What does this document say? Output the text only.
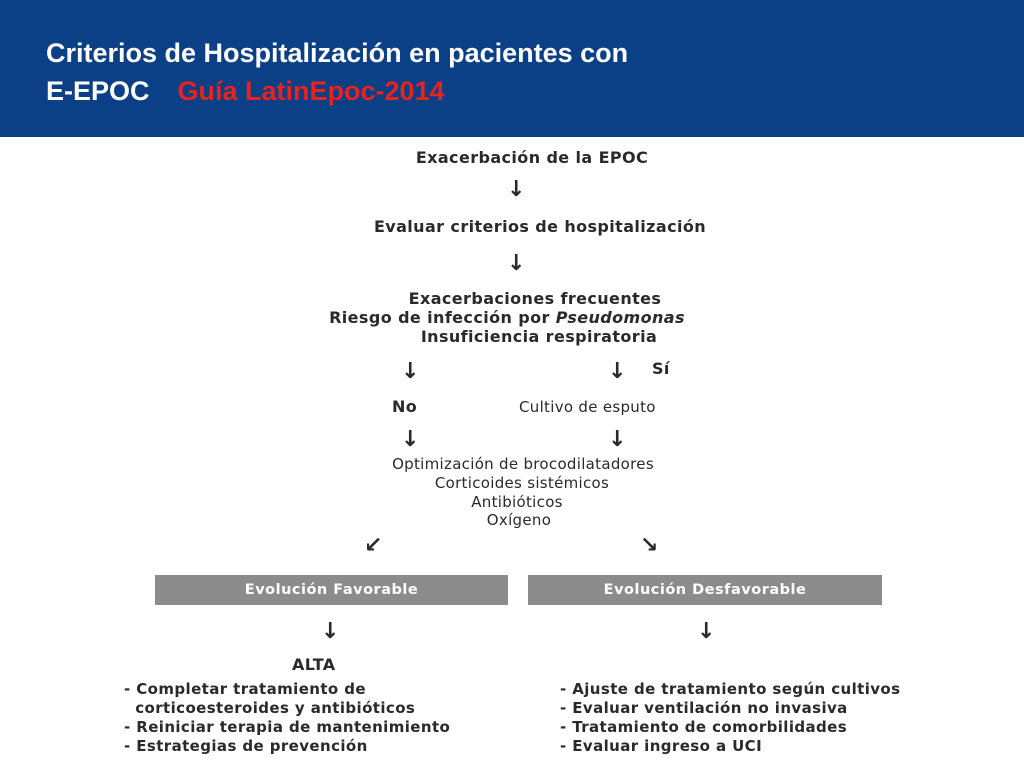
Criterios de Hospitalización en pacientes con
E-EPOC Guía LatinEpoc-2014
Exacerbación de la EPOC
↓
Evaluar criterios de hospitalización
↓
Exacerbaciones frecuentes
Riesgo de infección por Pseudomonas
Insuficiencia respiratoria
↓	↓ Sí
No	Cultivo de esputo
↓	↓
Optimización de brocodilatadores
Corticoides sistémicos
Antibióticos
Oxígeno
↙	↘
Evolución Favorable	Evolución Desfavorable
↓	↓
ALTA
- Completar tratamiento de
corticoesteroides y antibióticos
- Reiniciar terapia de mantenimiento
- Estrategias de prevención
- Ajuste de tratamiento según cultivos
- Evaluar ventilación no invasiva
- Tratamiento de comorbilidades
- Evaluar ingreso a UCI
